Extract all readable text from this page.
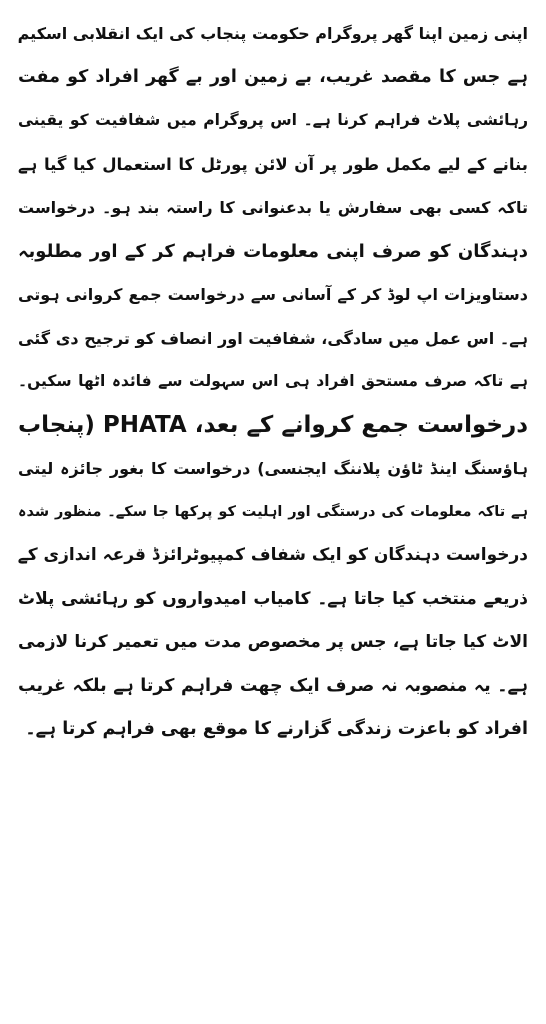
اپنی زمین اپنا گھر پروگرام حکومت پنجاب کی ایک انقلابی اسکیم
ہے جس کا مقصد غریب، بے زمین اور بے گھر افراد کو مفت
رہائشی پلاٹ فراہم کرنا ہے۔ اس پروگرام میں شفافیت کو یقینی
بنانے کے لیے مکمل طور پر آن لائن پورٹل کا استعمال کیا گیا ہے
تاکہ کسی بھی سفارش یا بدعنوانی کا راستہ بند ہو۔ درخواست
دہندگان کو صرف اپنی معلومات فراہم کر کے اور مطلوبہ
دستاویزات اپ لوڈ کر کے آسانی سے درخواست جمع کروانی ہوتی
ہے۔ اس عمل میں سادگی، شفافیت اور انصاف کو ترجیح دی گئی
ہے تاکہ صرف مستحق افراد ہی اس سہولت سے فائدہ اٹھا سکیں۔
درخواست جمع کروانے کے بعد، PHATA (پنجاب
ہاؤسنگ اینڈ ٹاؤن پلاننگ ایجنسی) درخواست کا بغور جائزہ لیتی
ہے تاکہ معلومات کی درستگی اور اہلیت کو پرکھا جا سکے۔ منظور شدہ
درخواست دہندگان کو ایک شفاف کمپیوٹرائزڈ قرعہ اندازی کے
ذریعے منتخب کیا جاتا ہے۔ کامیاب امیدواروں کو رہائشی پلاٹ
الاٹ کیا جاتا ہے، جس پر مخصوص مدت میں تعمیر کرنا لازمی
ہے۔ یہ منصوبہ نہ صرف ایک چھت فراہم کرتا ہے بلکہ غریب
افراد کو باعزت زندگی گزارنے کا موقع بھی فراہم کرتا ہے۔
